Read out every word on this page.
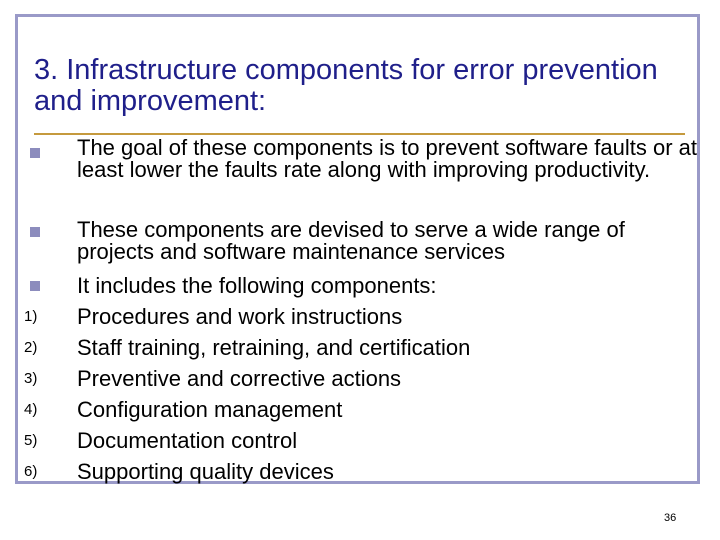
3. Infrastructure components for error prevention and improvement:
The goal of these components is to prevent software faults or at least lower the faults rate along with improving productivity.
These components are devised to serve a wide range of projects and software maintenance services
It includes the following components:
1)	Procedures and work instructions
2)	Staff training, retraining, and certification
3)	Preventive and corrective actions
4)	Configuration management
5)	Documentation control
6)	Supporting quality devices
36
